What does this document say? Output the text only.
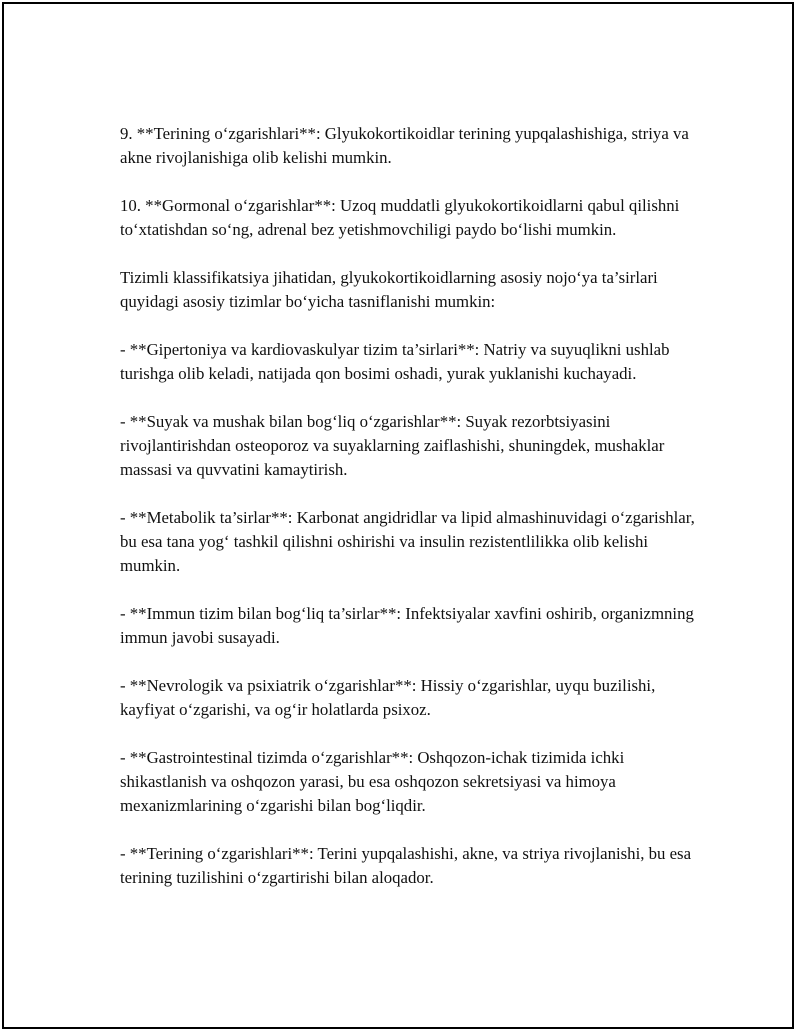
9. **Terining o‘zgarishlari**: Glyukokortikoidlar terining yupqalashishiga, striya va akne rivojlanishiga olib kelishi mumkin.

10. **Gormonal o‘zgarishlar**: Uzoq muddatli glyukokortikoidlarni qabul qilishni to‘xtatishdan so‘ng, adrenal bez yetishmovchiligi paydo bo‘lishi mumkin.

Tizimli klassifikatsiya jihatidan, glyukokortikoidlarning asosiy nojo‘ya ta’sirlari quyidagi asosiy tizimlar bo‘yicha tasniflanishi mumkin:

- **Gipertoniya va kardiovaskulyar tizim ta’sirlari**: Natriy va suyuqlikni ushlab turishga olib keladi, natijada qon bosimi oshadi, yurak yuklanishi kuchayadi.

- **Suyak va mushak bilan bog‘liq o‘zgarishlar**: Suyak rezorbtsiyasini rivojlantirishdan osteoporoz va suyaklarning zaiflashishi, shuningdek, mushaklar massasi va quvvatini kamaytirish.

- **Metabolik ta’sirlar**: Karbonat angidridlar va lipid almashinuvidagi o‘zgarishlar, bu esa tana yog‘ tashkil qilishni oshirishi va insulin rezistentlilikka olib kelishi mumkin.

- **Immun tizim bilan bog‘liq ta’sirlar**: Infektsiyalar xavfini oshirib, organizmning immun javobi susayadi.

- **Nevrologik va psixiatrik o‘zgarishlar**: Hissiy o‘zgarishlar, uyqu buzilishi, kayfiyat o‘zgarishi, va og‘ir holatlarda psixoz.

- **Gastrointestinal tizimda o‘zgarishlar**: Oshqozon-ichak tizimida ichki shikastlanish va oshqozon yarasi, bu esa oshqozon sekretsiyasi va himoya mexanizmlarining o‘zgarishi bilan bog‘liqdir.

- **Terining o‘zgarishlari**: Terini yupqalashishi, akne, va striya rivojlanishi, bu esa terining tuzilishini o‘zgartirishi bilan aloqador.
